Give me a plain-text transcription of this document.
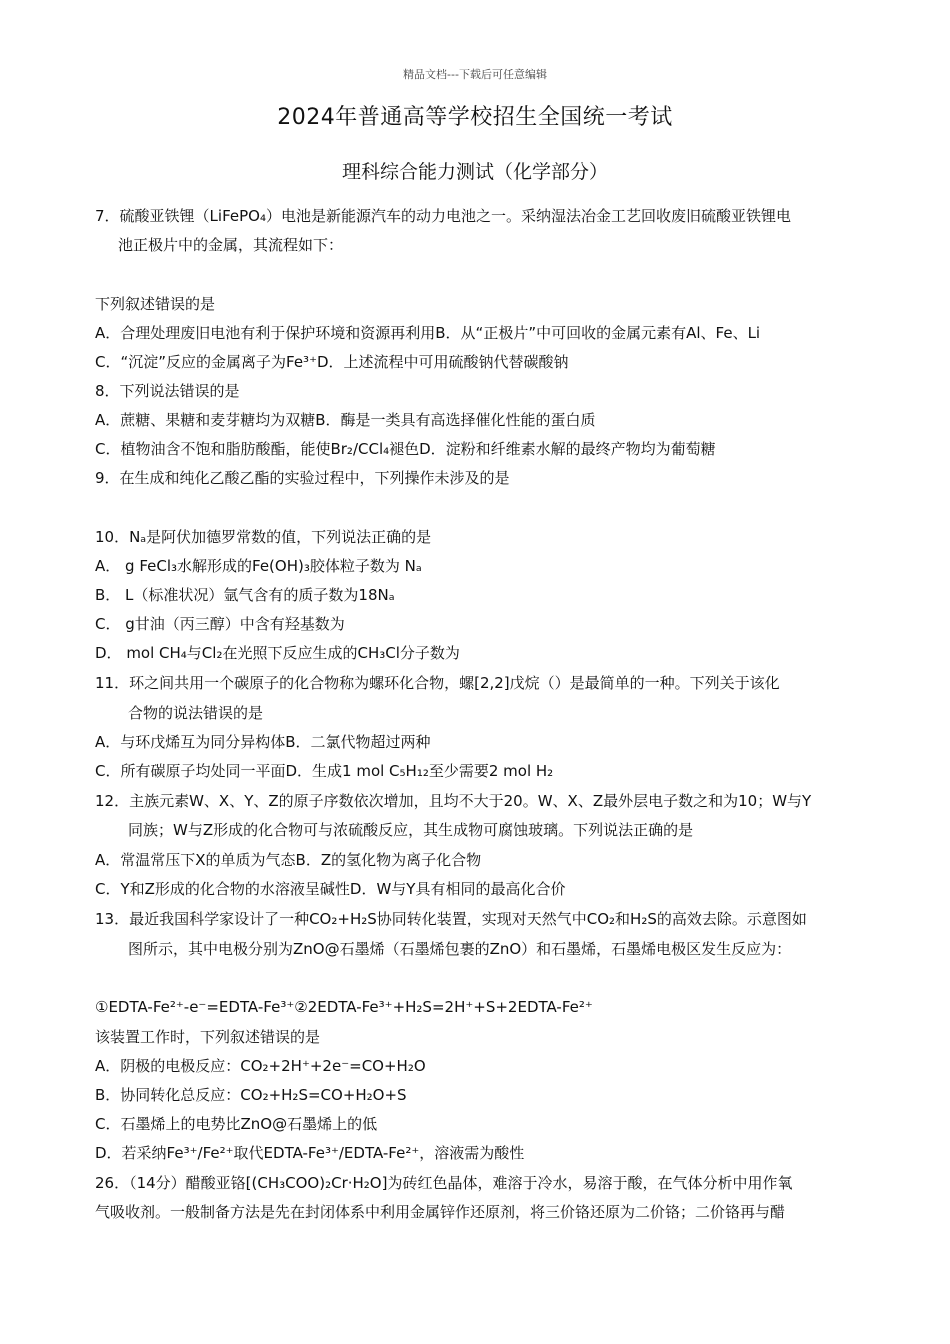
精品文档---下载后可任意编辑
2024年普通高等学校招生全国统一考试
理科综合能力测试（化学部分）
7．硫酸亚铁锂（LiFePO₄）电池是新能源汽车的动力电池之一。采纳湿法冶金工艺回收废旧硫酸亚铁锂电
池正极片中的金属，其流程如下：
下列叙述错误的是
A．合理处理废旧电池有利于保护环境和资源再利用B．从“正极片”中可回收的金属元素有Al、Fe、Li
C．“沉淀”反应的金属离子为Fe³⁺D．上述流程中可用硫酸钠代替碳酸钠
8．下列说法错误的是
A．蔗糖、果糖和麦芽糖均为双糖B．酶是一类具有高选择催化性能的蛋白质
C．植物油含不饱和脂肪酸酯，能使Br₂/CCl₄褪色D．淀粉和纤维素水解的最终产物均为葡萄糖
9．在生成和纯化乙酸乙酯的实验过程中，下列操作未涉及的是
10．Nₐ是阿伏加德罗常数的值，下列说法正确的是
A． g FeCl₃水解形成的Fe(OH)₃胶体粒子数为 Nₐ
B． L（标准状况）氩气含有的质子数为18Nₐ
C． g甘油（丙三醇）中含有羟基数为
D． mol CH₄与Cl₂在光照下反应生成的CH₃Cl分子数为
11．环之间共用一个碳原子的化合物称为螺环化合物，螺[2,2]戊烷（）是最简单的一种。下列关于该化
合物的说法错误的是
A．与环戊烯互为同分异构体B．二氯代物超过两种
C．所有碳原子均处同一平面D．生成1 mol C₅H₁₂至少需要2 mol H₂
12．主族元素W、X、Y、Z的原子序数依次增加，且均不大于20。W、X、Z最外层电子数之和为10；W与Y
同族；W与Z形成的化合物可与浓硫酸反应，其生成物可腐蚀玻璃。下列说法正确的是
A．常温常压下X的单质为气态B．Z的氢化物为离子化合物
C．Y和Z形成的化合物的水溶液呈碱性D．W与Y具有相同的最高化合价
13．最近我国科学家设计了一种CO₂+H₂S协同转化装置，实现对天然气中CO₂和H₂S的高效去除。示意图如
图所示，其中电极分别为ZnO@石墨烯（石墨烯包裹的ZnO）和石墨烯，石墨烯电极区发生反应为：
①EDTA-Fe²⁺-e⁻=EDTA-Fe³⁺②2EDTA-Fe³⁺+H₂S=2H⁺+S+2EDTA-Fe²⁺
该装置工作时，下列叙述错误的是
A．阴极的电极反应：CO₂+2H⁺+2e⁻=CO+H₂O
B．协同转化总反应：CO₂+H₂S=CO+H₂O+S
C．石墨烯上的电势比ZnO@石墨烯上的低
D．若采纳Fe³⁺/Fe²⁺取代EDTA-Fe³⁺/EDTA-Fe²⁺，溶液需为酸性
26．（14分）醋酸亚铬[(CH₃COO)₂Cr·H₂O]为砖红色晶体，难溶于冷水，易溶于酸，在气体分析中用作氧
气吸收剂。一般制备方法是先在封闭体系中利用金属锌作还原剂，将三价铬还原为二价铬；二价铬再与醋
